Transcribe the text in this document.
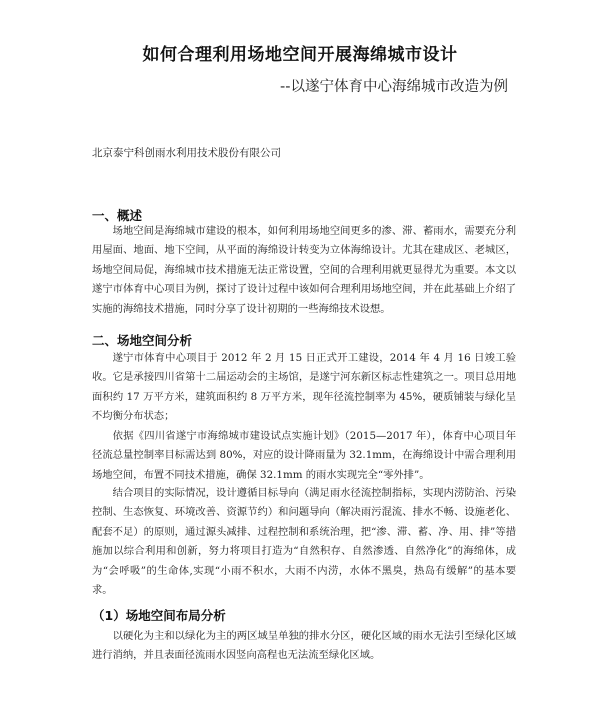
如何合理利用场地空间开展海绵城市设计
--以遂宁体育中心海绵城市改造为例
北京泰宁科创雨水利用技术股份有限公司
一、概述

场地空间是海绵城市建设的根本，如何利用场地空间更多的渗、滞、蓄雨水，需要充分利用屋面、地面、地下空间，从平面的海绵设计转变为立体海绵设计。尤其在建成区、老城区，场地空间局促，海绵城市技术措施无法正常设置，空间的合理利用就更显得尤为重要。本文以遂宁市体育中心项目为例，探讨了设计过程中该如何合理利用场地空间，并在此基础上介绍了实施的海绵技术措施，同时分享了设计初期的一些海绵技术设想。

二、场地空间分析

遂宁市体育中心项目于 2012 年 2 月 15 日正式开工建设，2014 年 4 月 16 日竣工验收。它是承接四川省第十二届运动会的主场馆，是遂宁河东新区标志性建筑之一。项目总用地面积约 17 万平方米，建筑面积约 8 万平方米，现年径流控制率为 45%，硬质铺装与绿化呈不均衡分布状态；

依据《四川省遂宁市海绵城市建设试点实施计划》（2015—2017 年），体育中心项目年径流总量控制率目标需达到 80%，对应的设计降雨量为 32.1mm，在海绵设计中需合理利用场地空间，布置不同技术措施，确保 32.1mm 的雨水实现完全“零外排”。

结合项目的实际情况，设计遵循目标导向（满足雨水径流控制指标，实现内涝防治、污染控制、生态恢复、环境改善、资源节约）和问题导向（解决雨污混流、排水不畅、设施老化、配套不足）的原则，通过源头减排、过程控制和系统治理，把“渗、滞、蓄、净、用、排”等措施加以综合利用和创新，努力将项目打造为“自然积存、自然渗透、自然净化”的海绵体，成为“会呼吸”的生命体,实现“小雨不积水，大雨不内涝，水体不黑臭，热岛有缓解”的基本要求。

（1）场地空间布局分析

以硬化为主和以绿化为主的两区域呈单独的排水分区，硬化区域的雨水无法引至绿化区域进行消纳，并且表面径流雨水因竖向高程也无法流至绿化区域。
